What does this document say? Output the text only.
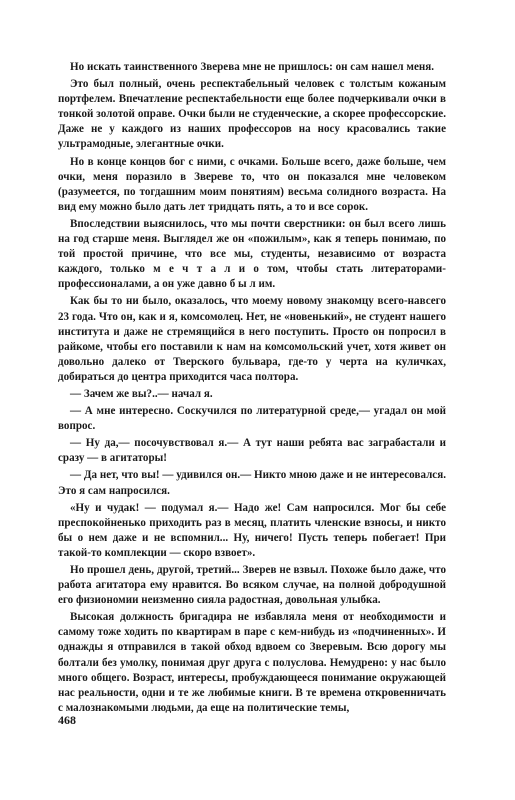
Но искать таинственного Зверева мне не пришлось: он сам нашел меня.

Это был полный, очень респектабельный человек с толстым кожаным портфелем. Впечатление респектабельности еще более подчеркивали очки в тонкой золотой оправе. Очки были не студенческие, а скорее профессорские. Даже не у каждого из наших профессоров на носу красовались такие ультрамодные, элегантные очки.

Но в конце концов бог с ними, с очками. Больше всего, даже больше, чем очки, меня поразило в Звереве то, что он показался мне человеком (разумеется, по тогдашним моим понятиям) весьма солидного возраста. На вид ему можно было дать лет тридцать пять, а то и все сорок.

Впоследствии выяснилось, что мы почти сверстники: он был всего лишь на год старше меня. Выглядел же он «пожилым», как я теперь понимаю, по той простой причине, что все мы, студенты, независимо от возраста каждого, только м е ч т а л и о том, чтобы стать литераторами-профессионалами, а он уже давно б ы л им.

Как бы то ни было, оказалось, что моему новому знакомцу всего-навсего 23 года. Что он, как и я, комсомолец. Нет, не «новенький», не студент нашего института и даже не стремящийся в него поступить. Просто он попросил в райкоме, чтобы его поставили к нам на комсомольский учет, хотя живет он довольно далеко от Тверского бульвара, где-то у черта на куличках, добираться до центра приходится часа полтора.

— Зачем же вы?..— начал я.

— А мне интересно. Соскучился по литературной среде,— угадал он мой вопрос.

— Ну да,— посочувствовал я.— А тут наши ребята вас заграбастали и сразу — в агитаторы!

— Да нет, что вы! — удивился он.— Никто мною даже и не интересовался. Это я сам напросился.

«Ну и чудак! — подумал я.— Надо же! Сам напросился. Мог бы себе преспокойненько приходить раз в месяц, платить членские взносы, и никто бы о нем даже и не вспомнил... Ну, ничего! Пусть теперь побегает! При такой-то комплекции — скоро взвоет».

Но прошел день, другой, третий... Зверев не взвыл. Похоже было даже, что работа агитатора ему нравится. Во всяком случае, на полной добродушной его физиономии неизменно сияла радостная, довольная улыбка.

Высокая должность бригадира не избавляла меня от необходимости и самому тоже ходить по квартирам в паре с кем-нибудь из «подчиненных». И однажды я отправился в такой обход вдвоем со Зверевым. Всю дорогу мы болтали без умолку, понимая друг друга с полуслова. Немудрено: у нас было много общего. Возраст, интересы, пробуждающееся понимание окружающей нас реальности, одни и те же любимые книги. В те времена откровенничать с малознакомыми людьми, да еще на политические темы,

468
